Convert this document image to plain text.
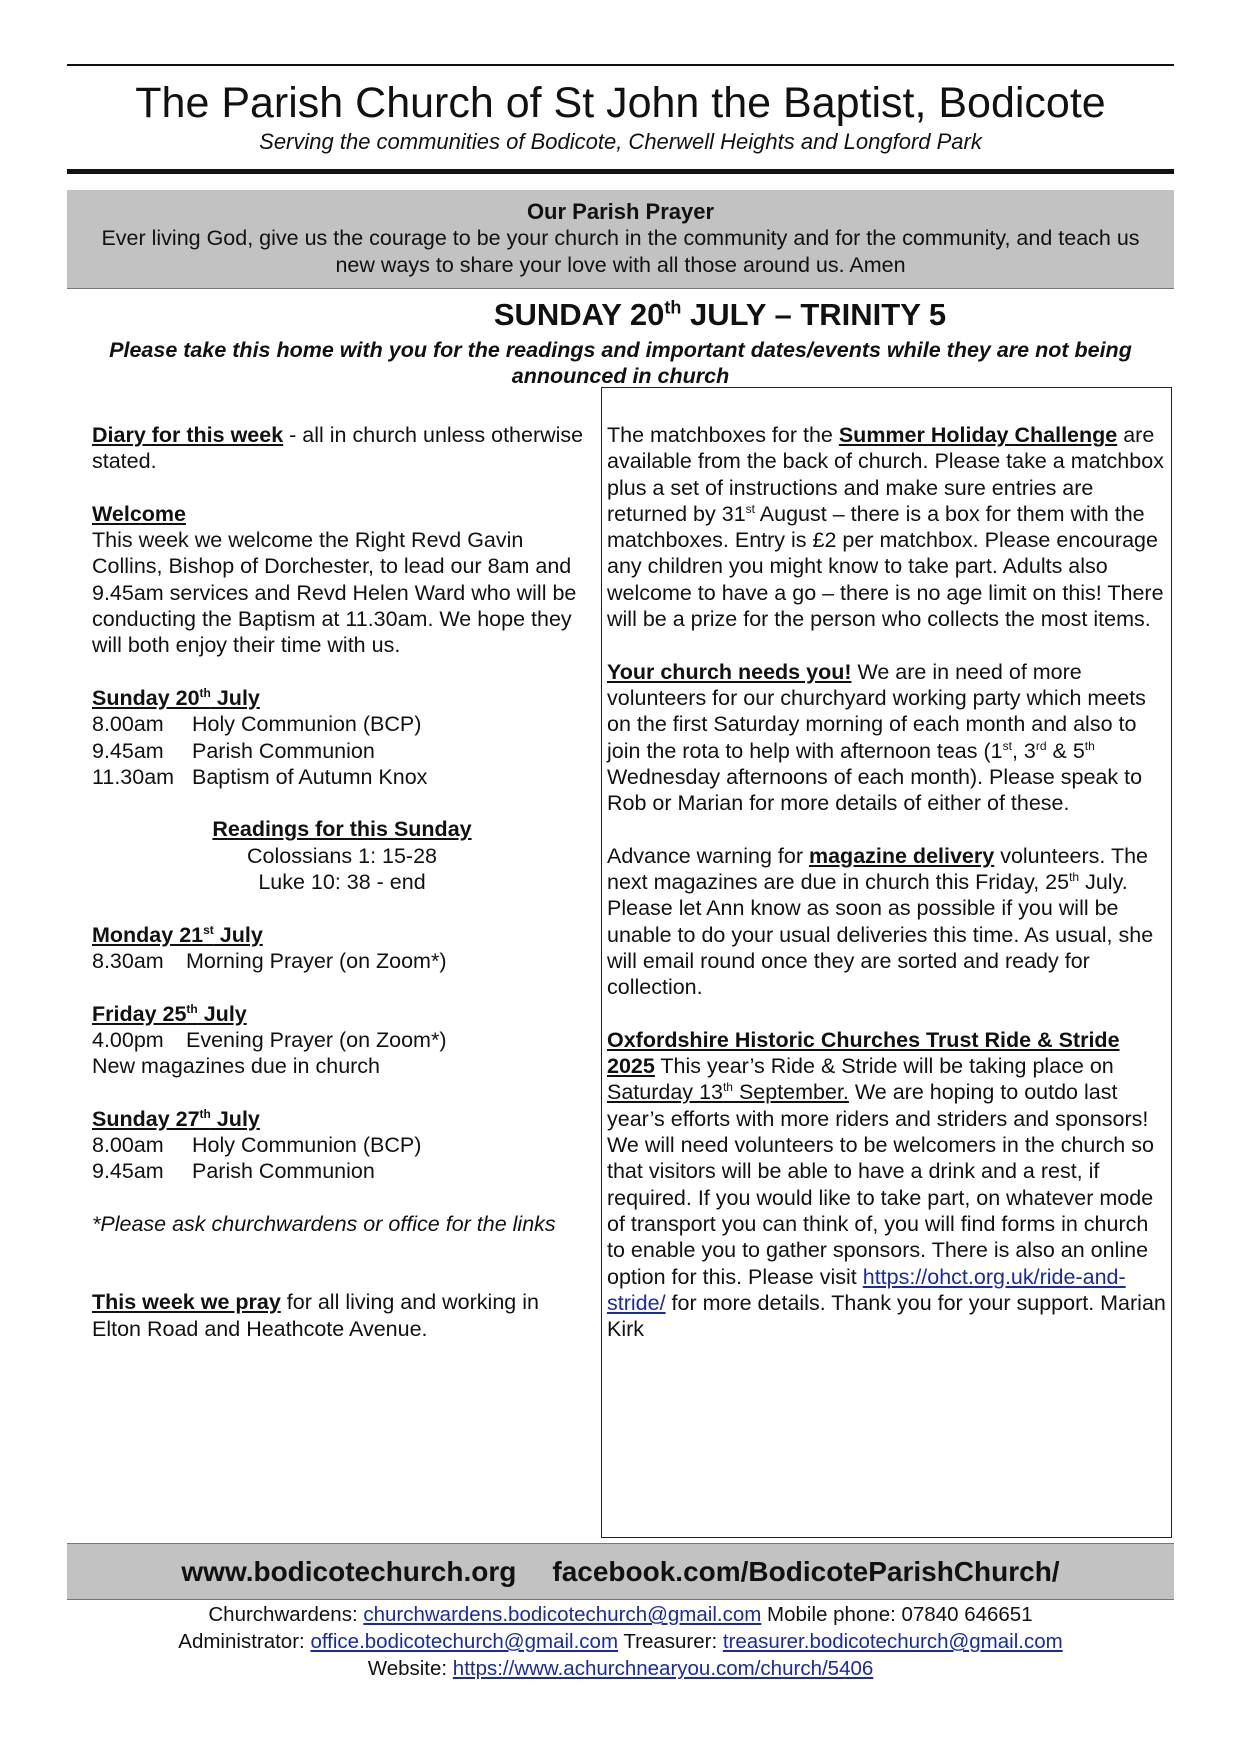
The Parish Church of St John the Baptist, Bodicote
Serving the communities of Bodicote, Cherwell Heights and Longford Park
Our Parish Prayer
Ever living God, give us the courage to be your church in the community and for the community, and teach us new ways to share your love with all those around us. Amen
SUNDAY 20th JULY – TRINITY 5
Please take this home with you for the readings and important dates/events while they are not being announced in church
Diary for this week - all in church unless otherwise stated.
Welcome
This week we welcome the Right Revd Gavin Collins, Bishop of Dorchester, to lead our 8am and 9.45am services and Revd Helen Ward who will be conducting the Baptism at 11.30am. We hope they will both enjoy their time with us.
Sunday 20th July
8.00am	Holy Communion (BCP)
9.45am	Parish Communion
11.30am Baptism of Autumn Knox
Readings for this Sunday
Colossians 1: 15-28
Luke 10: 38 - end
Monday 21st July
8.30am	Morning Prayer (on Zoom*)
Friday 25th July
4.00pm	Evening Prayer (on Zoom*)
New magazines due in church
Sunday 27th July
8.00am	Holy Communion (BCP)
9.45am	Parish Communion
*Please ask churchwardens or office for the links
This week we pray for all living and working in Elton Road and Heathcote Avenue.
The matchboxes for the Summer Holiday Challenge are available from the back of church. Please take a matchbox plus a set of instructions and make sure entries are returned by 31st August – there is a box for them with the matchboxes. Entry is £2 per matchbox. Please encourage any children you might know to take part. Adults also welcome to have a go – there is no age limit on this! There will be a prize for the person who collects the most items.
Your church needs you! We are in need of more volunteers for our churchyard working party which meets on the first Saturday morning of each month and also to join the rota to help with afternoon teas (1st, 3rd & 5th Wednesday afternoons of each month). Please speak to Rob or Marian for more details of either of these.
Advance warning for magazine delivery volunteers. The next magazines are due in church this Friday, 25th July. Please let Ann know as soon as possible if you will be unable to do your usual deliveries this time. As usual, she will email round once they are sorted and ready for collection.
Oxfordshire Historic Churches Trust Ride & Stride 2025 This year’s Ride & Stride will be taking place on Saturday 13th September. We are hoping to outdo last year’s efforts with more riders and striders and sponsors! We will need volunteers to be welcomers in the church so that visitors will be able to have a drink and a rest, if required. If you would like to take part, on whatever mode of transport you can think of, you will find forms in church to enable you to gather sponsors. There is also an online option for this. Please visit https://ohct.org.uk/ride-and-stride/ for more details. Thank you for your support. Marian Kirk
www.bodicotechurch.org facebook.com/BodicoteParishChurch/
Churchwardens: churchwardens.bodicotechurch@gmail.com Mobile phone: 07840 646651
Administrator: office.bodicotechurch@gmail.com Treasurer: treasurer.bodicotechurch@gmail.com
Website: https://www.achurchnearyou.com/church/5406
